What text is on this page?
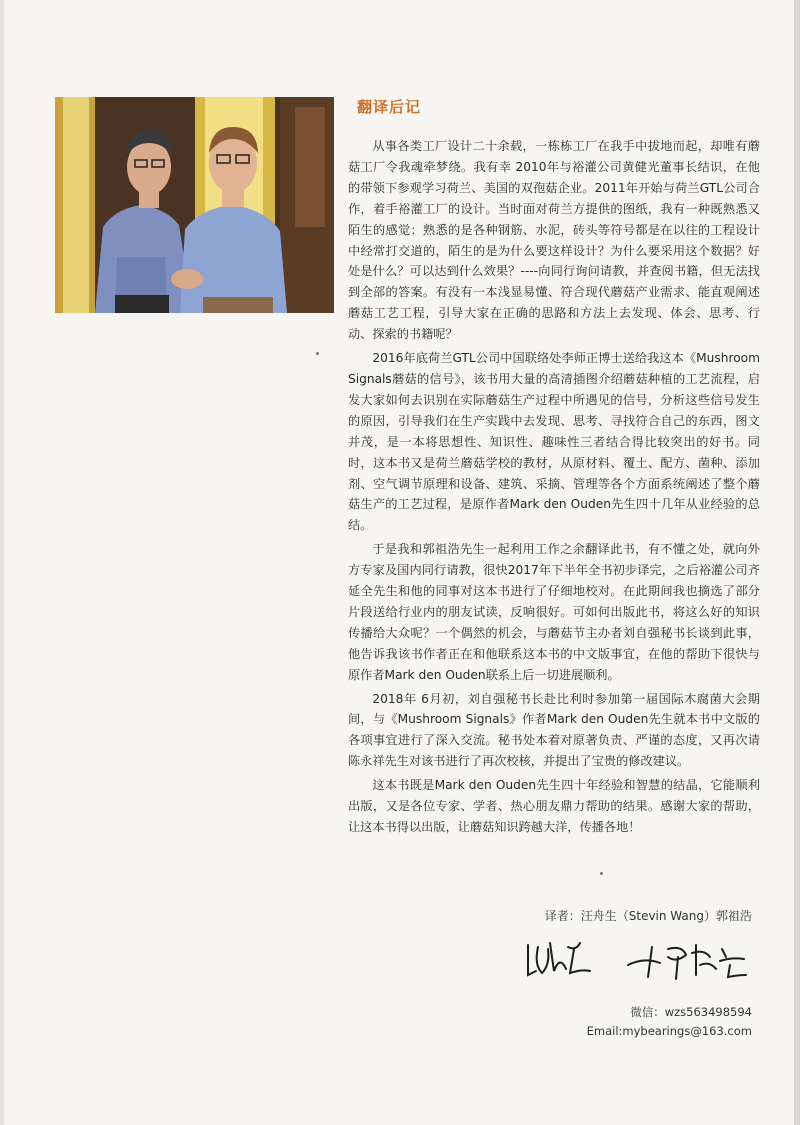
翻译后记

从事各类工厂设计二十余载，一栋栋工厂在我手中拔地而起，却唯有蘑菇工厂令我魂牵梦绕。我有幸 2010年与裕灌公司黄健光董事长结识，在他的带领下参观学习荷兰、美国的双孢菇企业。2011年开始与荷兰GTL公司合作，着手裕灌工厂的设计。当时面对荷兰方提供的图纸，我有一种既熟悉又陌生的感觉：熟悉的是各种钢筋、水泥，砖头等符号都是在以往的工程设计中经常打交道的，陌生的是为什么要这样设计？为什么要采用这个数据？好处是什么？可以达到什么效果？----向同行询问请教，并查阅书籍，但无法找到全部的答案。有没有一本浅显易懂、符合现代蘑菇产业需求、能直观阐述蘑菇工艺工程，引导大家在正确的思路和方法上去发现、体会、思考、行动、探索的书籍呢？

2016年底荷兰GTL公司中国联络处李师正博士送给我这本《Mushroom Signals蘑菇的信号》，该书用大量的高清插图介绍蘑菇种植的工艺流程，启发大家如何去识别在实际蘑菇生产过程中所遇见的信号，分析这些信号发生的原因，引导我们在生产实践中去发现、思考、寻找符合自己的东西，图文并茂，是一本将思想性、知识性、趣味性三者结合得比较突出的好书。同时，这本书又是荷兰蘑菇学校的教材，从原材料、覆土、配方、菌种、添加剂、空气调节原理和设备、建筑、采摘、管理等各个方面系统阐述了整个蘑菇生产的工艺过程，是原作者Mark den Ouden先生四十几年从业经验的总结。

于是我和郭祖浩先生一起利用工作之余翻译此书，有不懂之处，就向外方专家及国内同行请教，很快2017年下半年全书初步译完，之后裕灌公司齐延全先生和他的同事对这本书进行了仔细地校对。在此期间我也摘选了部分片段送给行业内的朋友试读，反响很好。可如何出版此书，将这么好的知识传播给大众呢？一个偶然的机会，与蘑菇节主办者刘自强秘书长谈到此事，他告诉我该书作者正在和他联系这本书的中文版事宜，在他的帮助下很快与原作者Mark den Ouden联系上后一切进展顺利。

2018年 6月初，刘自强秘书长赴比利时参加第一届国际木腐菌大会期间，与《Mushroom Signals》作者Mark den Ouden先生就本书中文版的各项事宜进行了深入交流。秘书处本着对原著负责、严谨的态度，又再次请陈永祥先生对该书进行了再次校核，并提出了宝贵的修改建议。

这本书既是Mark den Ouden先生四十年经验和智慧的结晶，它能顺利出版，又是各位专家、学者、热心朋友鼎力帮助的结果。感谢大家的帮助，让这本书得以出版，让蘑菇知识跨越大洋，传播各地！

译者：汪舟生（Stevin Wang）郭祖浩
微信：wzs563498594
Email:mybearings@163.com
